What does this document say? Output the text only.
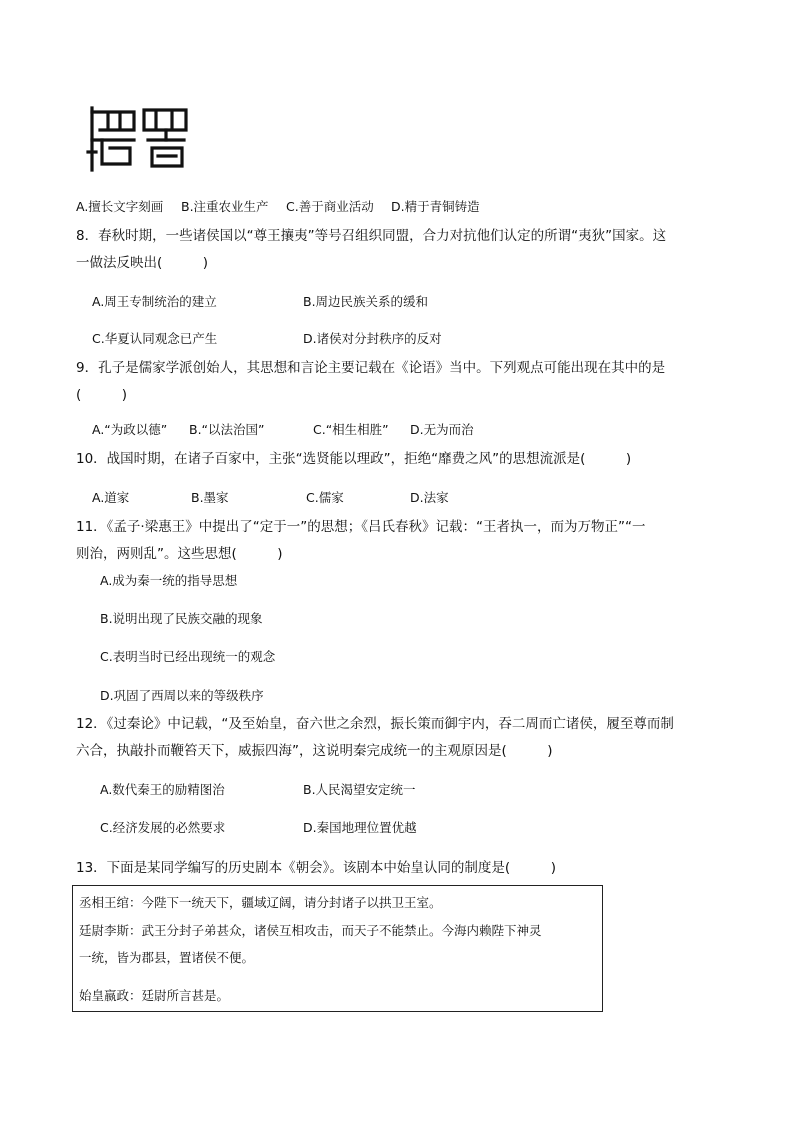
A.擅长文字刻画 B.注重农业生产 C.善于商业活动 D.精于青铜铸造
8．春秋时期，一些诸侯国以“尊王攘夷”等号召组织同盟，合力对抗他们认定的所谓“夷狄”国家。这
一做法反映出(　　　)
A.周王专制统治的建立	B.周边民族关系的缓和
C.华夏认同观念已产生	D.诸侯对分封秩序的反对
9．孔子是儒家学派创始人，其思想和言论主要记载在《论语》当中。下列观点可能出现在其中的是
(　　　)
A.“为政以德” B.“以法治国”	C.“相生相胜” D.无为而治
10．战国时期，在诸子百家中，主张“选贤能以理政”，拒绝“靡费之风”的思想流派是(　　　)
A.道家	B.墨家	C.儒家	D.法家
11．《孟子·梁惠王》中提出了“定于一”的思想；《吕氏春秋》记载：“王者执一，而为万物正”“一
则治，两则乱”。这些思想(　　　)
A.成为秦一统的指导思想
B.说明出现了民族交融的现象
C.表明当时已经出现统一的观念
D.巩固了西周以来的等级秩序
12．《过秦论》中记载，“及至始皇，奋六世之余烈，振长策而御宇内，吞二周而亡诸侯，履至尊而制
六合，执敲扑而鞭笞天下，威振四海”，这说明秦完成统一的主观原因是(　　　)
A.数代秦王的励精图治	B.人民渴望安定统一
C.经济发展的必然要求	D.秦国地理位置优越
13．下面是某同学编写的历史剧本《朝会》。该剧本中始皇认同的制度是(　　　)
丞相王绾：今陛下一统天下，疆域辽阔，请分封诸子以拱卫王室。
廷尉李斯：武王分封子弟甚众，诸侯互相攻击，而天子不能禁止。今海内赖陛下神灵
一统，皆为郡县，置诸侯不便。
始皇嬴政：廷尉所言甚是。
